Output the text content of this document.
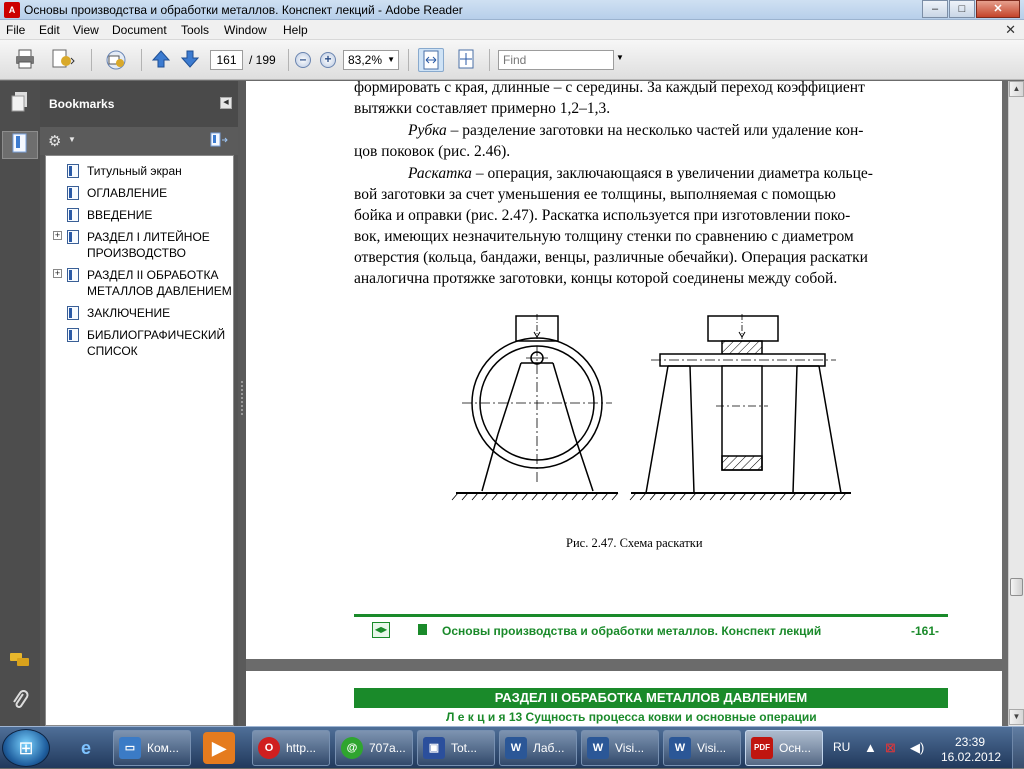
A Основы производства и обработки металлов. Конспект лекций - Adobe Reader	–	□	✕
File Edit View Document Tools Window Help	✕
161	/ 199	–	+	83,2% ▼	Find	▼
Bookmarks	◀
⚙ ▼
Титульный экран
ОГЛАВЛЕНИЕ
ВВЕДЕНИЕ
+ РАЗДЕЛ I ЛИТЕЙНОЕ ПРОИЗВОДСТВО
+ РАЗДЕЛ II ОБРАБОТКА МЕТАЛЛОВ ДАВЛЕНИЕМ
ЗАКЛЮЧЕНИЕ
БИБЛИОГРАФИЧЕСКИЙ СПИСОК
формировать с края, длинные – с середины. За каждый переход коэффициент
вытяжки составляет примерно 1,2–1,3.
Рубка – разделение заготовки на несколько частей или удаление кон-
цов поковок (рис. 2.46).
Раскатка – операция, заключающаяся в увеличении диаметра кольце-
вой заготовки за счет уменьшения ее толщины, выполняемая с помощью
бойка и оправки (рис. 2.47). Раскатка используется при изготовлении поко-
вок, имеющих незначительную толщину стенки по сравнению с диаметром
отверстия (кольца, бандажи, венцы, различные обечайки). Операция раскатки
аналогична протяжке заготовки, концы которой соединены между собой.
Рис. 2.47. Схема раскатки
◀▶	Основы производства и обработки металлов. Конспект лекций	-161-
РАЗДЕЛ II ОБРАБОТКА МЕТАЛЛОВ ДАВЛЕНИЕМ
Л е к ц и я 13 Сущность процесса ковки и основные операции
▲
▼
⊞	e	▭ Ком...	▶	O	http...	@ 707a...	▣ Tot...	W Лаб...	W Visi...	W Visi...	PDF Осн...	RU ▲ ⊠ ◀)	23:39
16.02.2012
